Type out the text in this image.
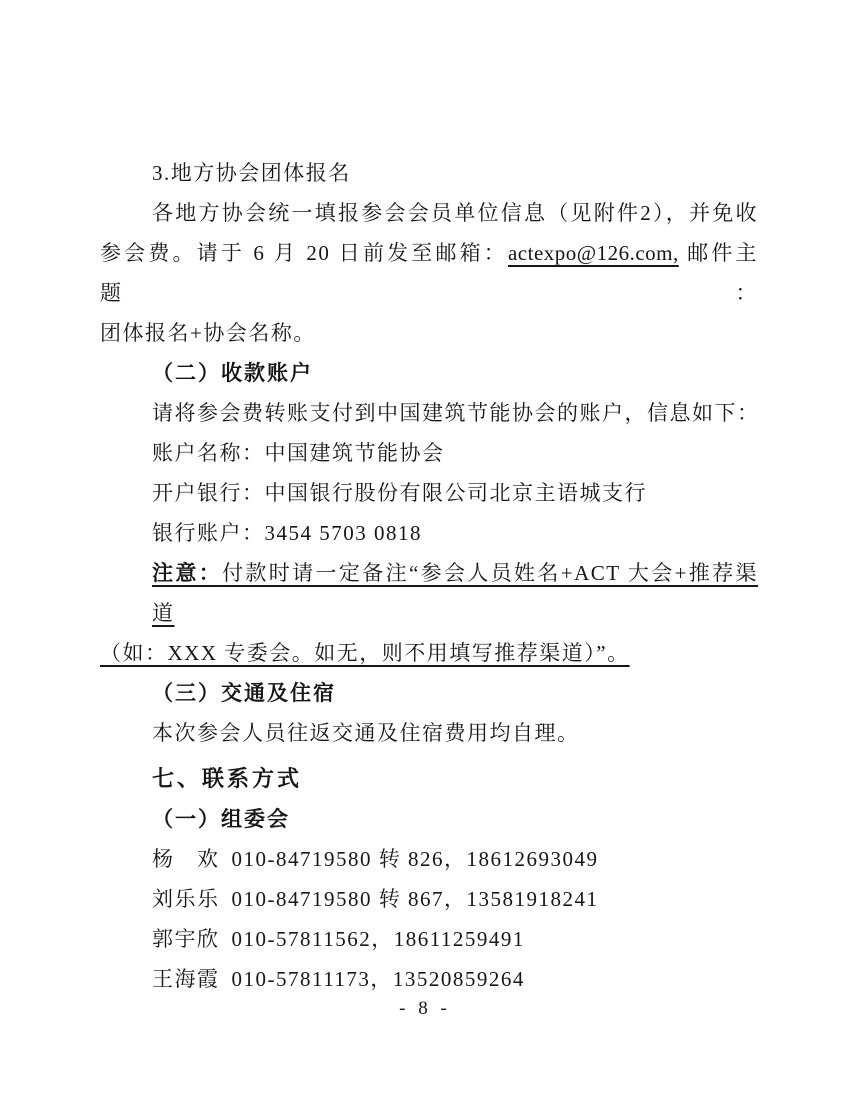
3.地方协会团体报名
各地方协会统一填报参会会员单位信息（见附件2），并免收
参会费。请于 6 月 20 日前发至邮箱：actexpo@126.com, 邮件主题：
团体报名+协会名称。
（二）收款账户
请将参会费转账支付到中国建筑节能协会的账户，信息如下：
账户名称：中国建筑节能协会
开户银行：中国银行股份有限公司北京主语城支行
银行账户：3454 5703 0818
注意：付款时请一定备注“参会人员姓名+ACT 大会+推荐渠道
（如：XXX 专委会。如无，则不用填写推荐渠道）”。
（三）交通及住宿
本次参会人员往返交通及住宿费用均自理。
七、联系方式
（一）组委会
杨　欢 010-84719580 转 826，18612693049
刘乐乐 010-84719580 转 867，13581918241
郭宇欣 010-57811562，18611259491
王海霞 010-57811173，13520859264
- 8 -
